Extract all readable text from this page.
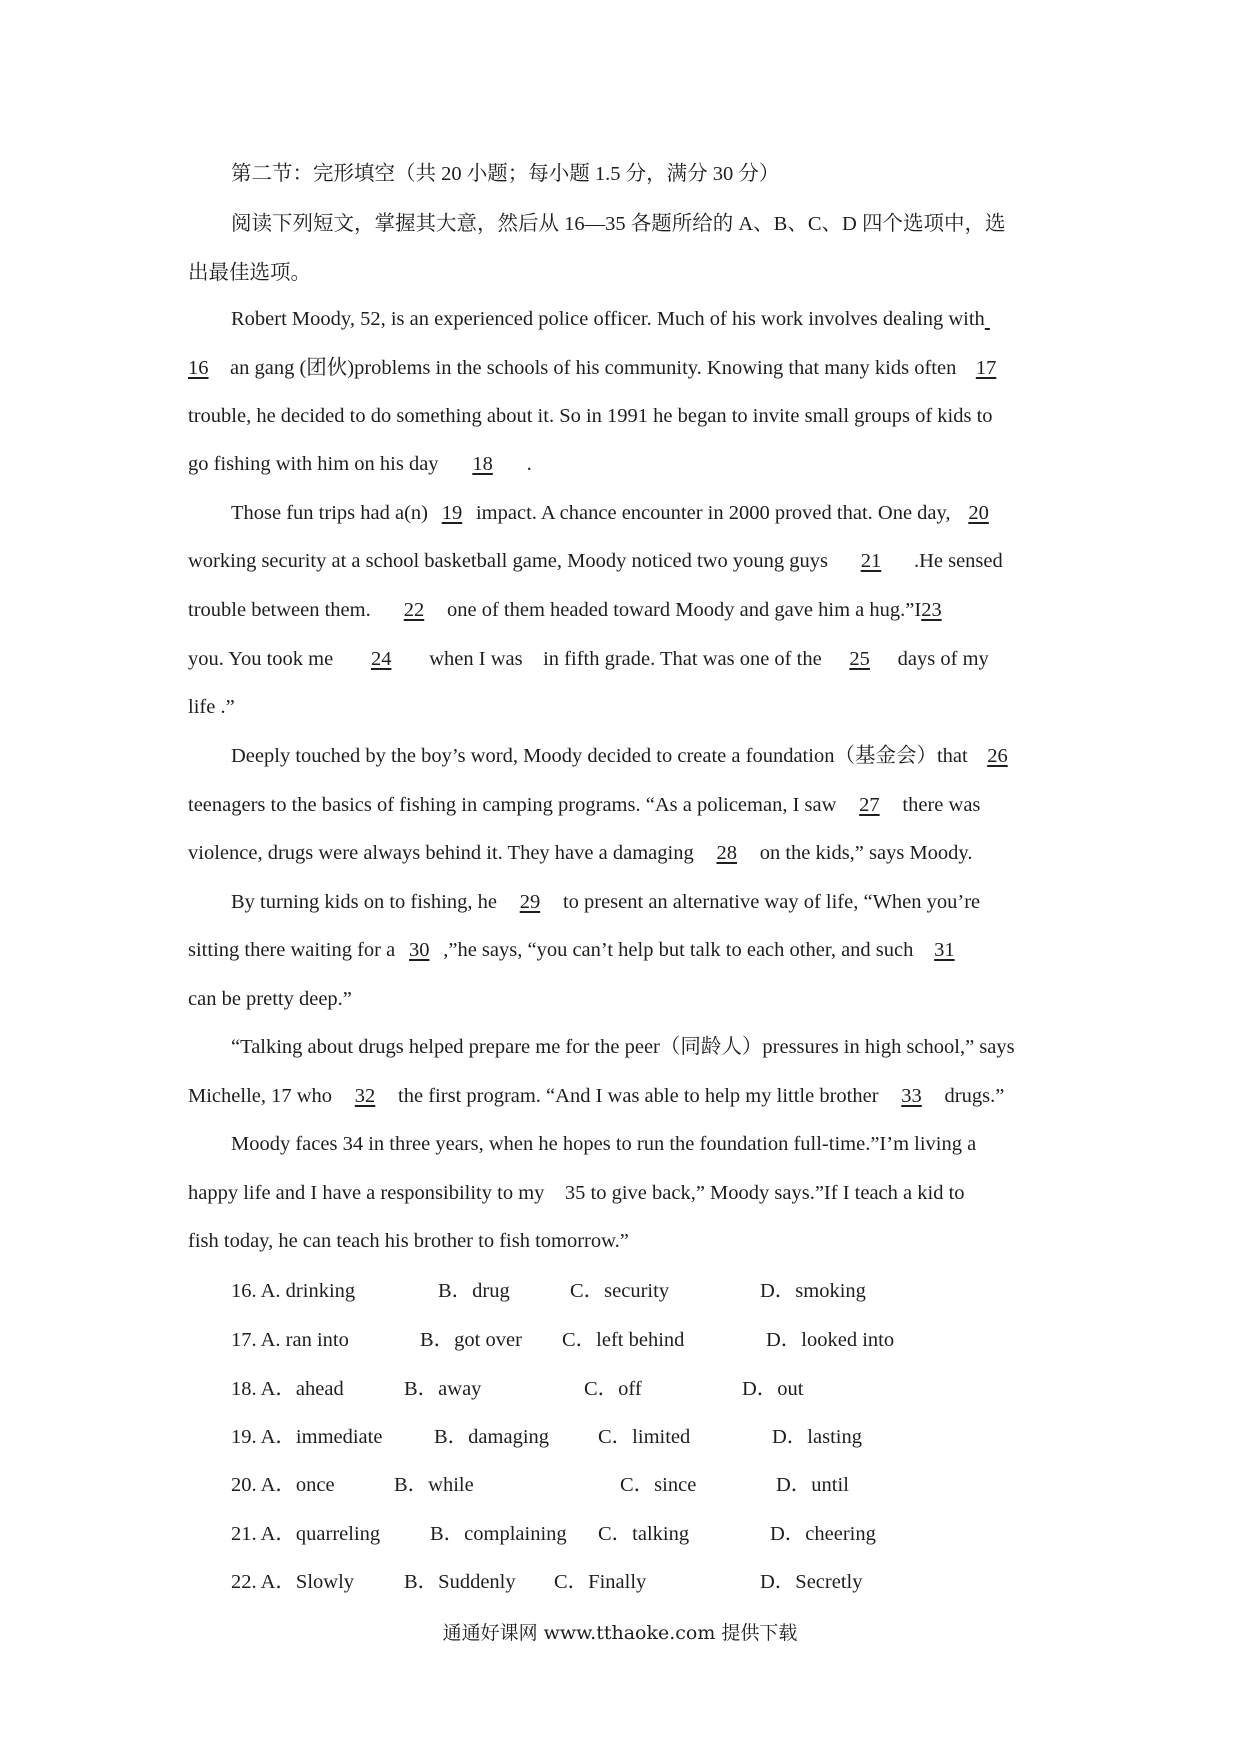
第二节：完形填空（共 20 小题；每小题 1.5 分，满分 30 分）
阅读下列短文，掌握其大意，然后从 16—35 各题所给的 A、B、C、D 四个选项中，选
出最佳选项。
Robert Moody, 52, is an experienced police officer. Much of his work involves dealing with
16 an gang (团伙)problems in the schools of his community. Knowing that many kids often 17
trouble, he decided to do something about it. So in 1991 he began to invite small groups of kids to
go fishing with him on his day 18 .
Those fun trips had a(n) 19 impact. A chance encounter in 2000 proved that. One day, 20
working security at a school basketball game, Moody noticed two young guys 21 .He sensed
trouble between them. 22 one of them headed toward Moody and gave him a hug.”I23
you. You took me 24 when I was in fifth grade. That was one of the 25 days of my
life .”
Deeply touched by the boy’s word, Moody decided to create a foundation（基金会）that 26
teenagers to the basics of fishing in camping programs. “As a policeman, I saw 27 there was
violence, drugs were always behind it. They have a damaging 28 on the kids,” says Moody.
By turning kids on to fishing, he 29 to present an alternative way of life, “When you’re
sitting there waiting for a 30 ,”he says, “you can’t help but talk to each other, and such 31
can be pretty deep.”
“Talking about drugs helped prepare me for the peer（同龄人）pressures in high school,” says
Michelle, 17 who 32 the first program. “And I was able to help my little brother 33 drugs.”
Moody faces 34 in three years, when he hopes to run the foundation full-time.”I’m living a
happy life and I have a responsibility to my 35 to give back,” Moody says.”If I teach a kid to
fish today, he can teach his brother to fish tomorrow.”
16. A. drinking	B．drug	C．security	D．smoking
17. A. ran into	B．got over C．left behind	D．looked into
18. A．ahead	B．away	C．off	D．out
19. A．immediate	B．damaging C．limited	D．lasting
20. A．once	B．while	C．since	D．until
21. A．quarreling B．complaining C．talking	D．cheering
22. A．Slowly B．Suddenly C．Finally	D．Secretly
通通好课网 www.tthaoke.com 提供下载
